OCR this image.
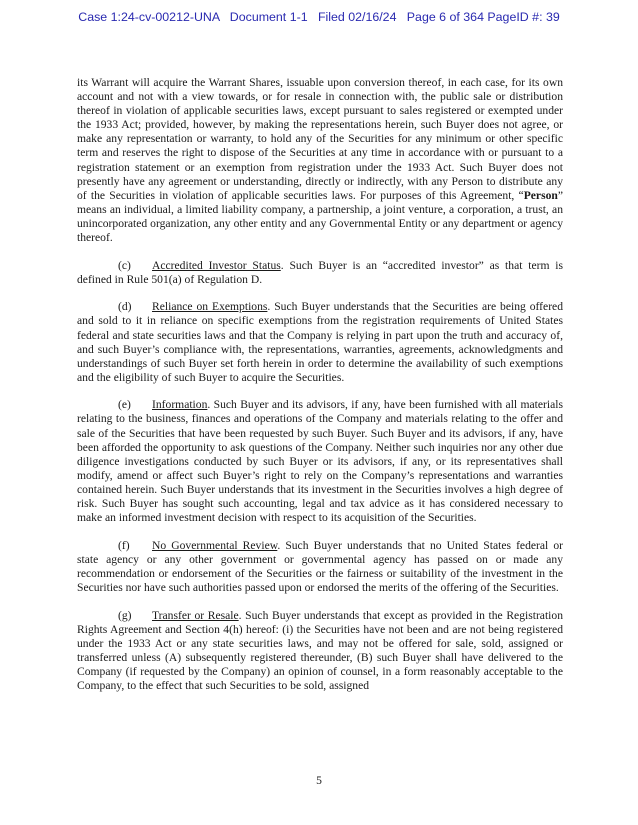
Case 1:24-cv-00212-UNA Document 1-1 Filed 02/16/24 Page 6 of 364 PageID #: 39

its Warrant will acquire the Warrant Shares, issuable upon conversion thereof, in each case, for its own account and not with a view towards, or for resale in connection with, the public sale or distribution thereof in violation of applicable securities laws, except pursuant to sales registered or exempted under the 1933 Act; provided, however, by making the representations herein, such Buyer does not agree, or make any representation or warranty, to hold any of the Securities for any minimum or other specific term and reserves the right to dispose of the Securities at any time in accordance with or pursuant to a registration statement or an exemption from registration under the 1933 Act. Such Buyer does not presently have any agreement or understanding, directly or indirectly, with any Person to distribute any of the Securities in violation of applicable securities laws. For purposes of this Agreement, “Person” means an individual, a limited liability company, a partnership, a joint venture, a corporation, a trust, an unincorporated organization, any other entity and any Governmental Entity or any department or agency thereof.

(c) Accredited Investor Status. Such Buyer is an “accredited investor” as that term is defined in Rule 501(a) of Regulation D.

(d) Reliance on Exemptions. Such Buyer understands that the Securities are being offered and sold to it in reliance on specific exemptions from the registration requirements of United States federal and state securities laws and that the Company is relying in part upon the truth and accuracy of, and such Buyer’s compliance with, the representations, warranties, agreements, acknowledgments and understandings of such Buyer set forth herein in order to determine the availability of such exemptions and the eligibility of such Buyer to acquire the Securities.

(e) Information. Such Buyer and its advisors, if any, have been furnished with all materials relating to the business, finances and operations of the Company and materials relating to the offer and sale of the Securities that have been requested by such Buyer. Such Buyer and its advisors, if any, have been afforded the opportunity to ask questions of the Company. Neither such inquiries nor any other due diligence investigations conducted by such Buyer or its advisors, if any, or its representatives shall modify, amend or affect such Buyer’s right to rely on the Company’s representations and warranties contained herein. Such Buyer understands that its investment in the Securities involves a high degree of risk. Such Buyer has sought such accounting, legal and tax advice as it has considered necessary to make an informed investment decision with respect to its acquisition of the Securities.

(f) No Governmental Review. Such Buyer understands that no United States federal or state agency or any other government or governmental agency has passed on or made any recommendation or endorsement of the Securities or the fairness or suitability of the investment in the Securities nor have such authorities passed upon or endorsed the merits of the offering of the Securities.

(g) Transfer or Resale. Such Buyer understands that except as provided in the Registration Rights Agreement and Section 4(h) hereof: (i) the Securities have not been and are not being registered under the 1933 Act or any state securities laws, and may not be offered for sale, sold, assigned or transferred unless (A) subsequently registered thereunder, (B) such Buyer shall have delivered to the Company (if requested by the Company) an opinion of counsel, in a form reasonably acceptable to the Company, to the effect that such Securities to be sold, assigned

5
